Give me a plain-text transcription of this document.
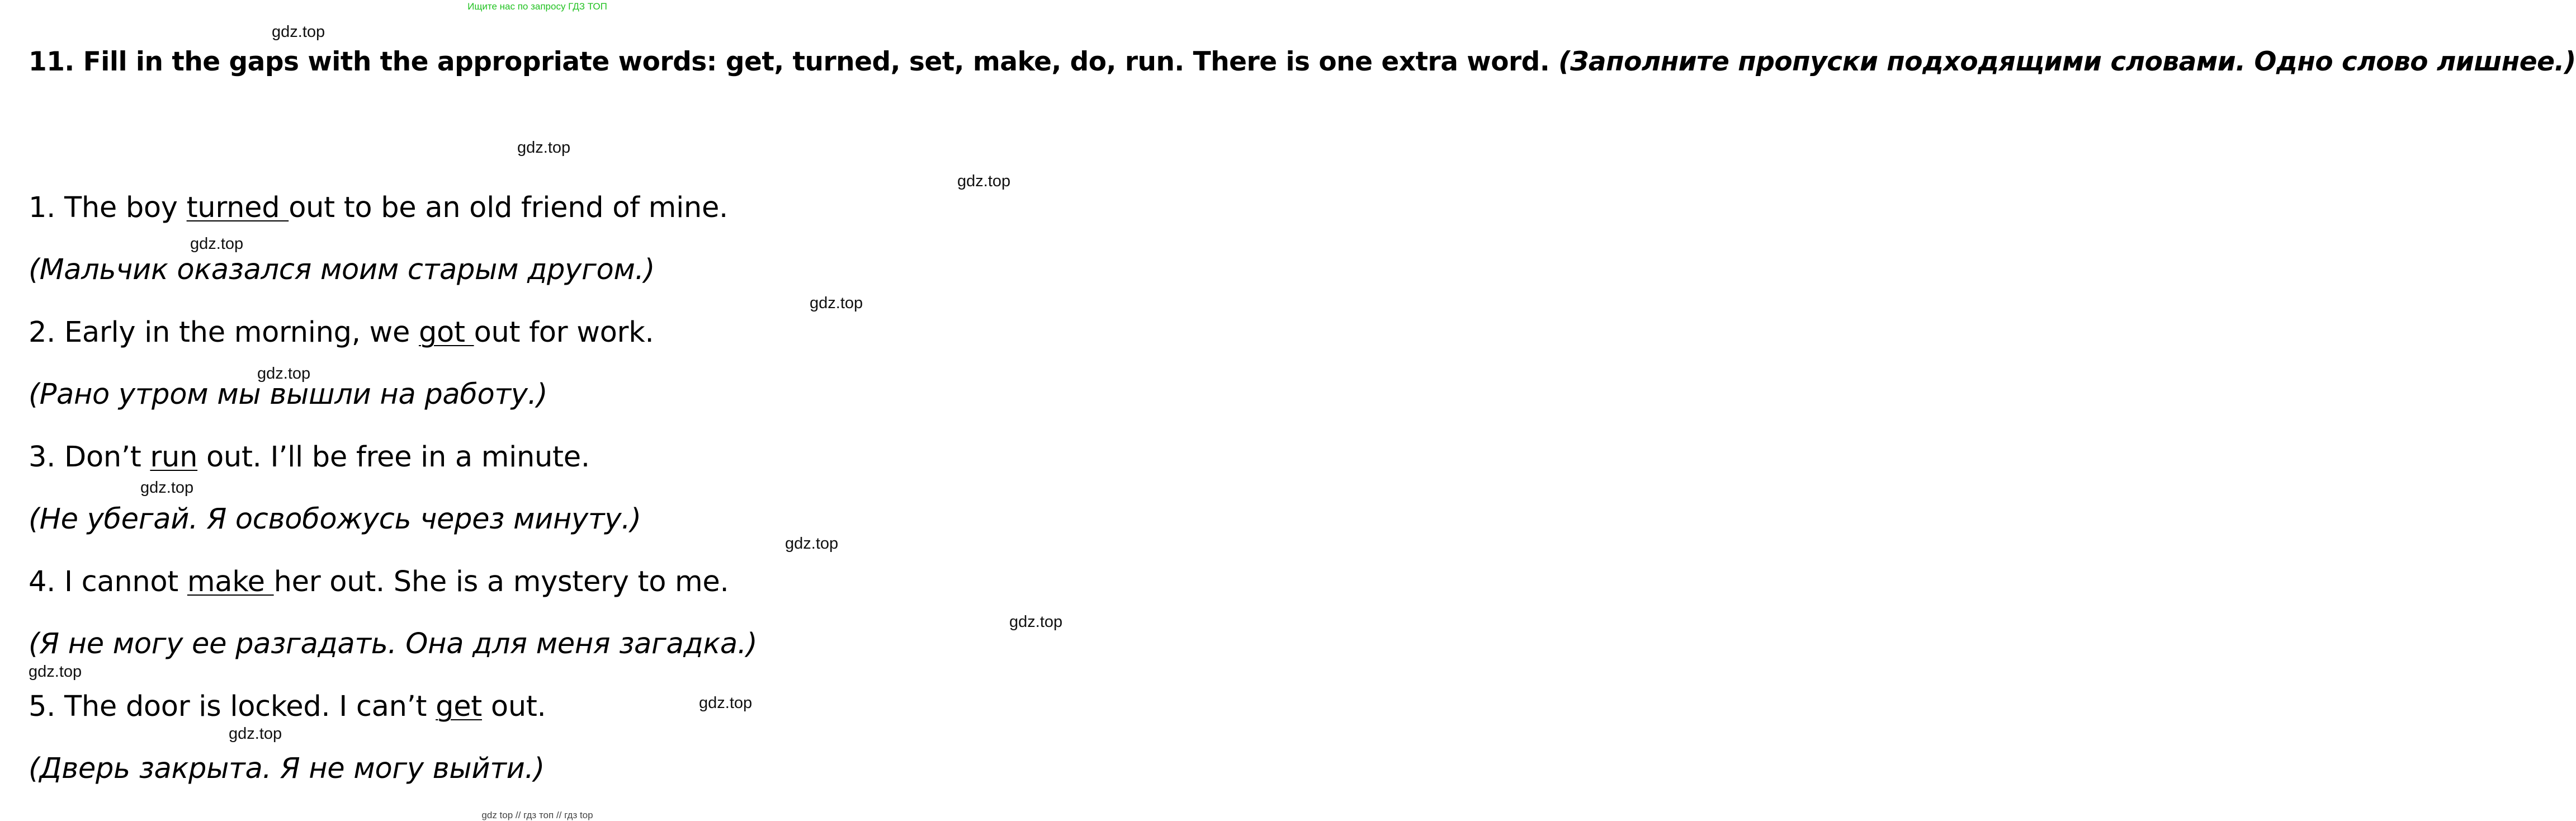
Ищите нас по запросу ГДЗ ТОП
11. Fill in the gaps with the appropriate words: get, turned, set, make, do, run. There is one extra word. (Заполните пропуски подходящими словами. Одно слово лишнее.)
1. The boy turned out to be an old friend of mine.
(Мальчик оказался моим старым другом.)
2. Early in the morning, we got out for work.
(Рано утром мы вышли на работу.)
3. Don’t run out. I’ll be free in a minute.
(Не убегай. Я освобожусь через минуту.)
4. I cannot make her out. She is a mystery to me.
(Я не могу ее разгадать. Она для меня загадка.)
5. The door is locked. I can’t get out.
(Дверь закрыта. Я не могу выйти.)
gdz.top
gdz.top
gdz.top
gdz.top
gdz.top
gdz.top
gdz.top
gdz.top
gdz.top
gdz.top
gdz.top
gdz.top
gdz top // гдз топ // гдз top
